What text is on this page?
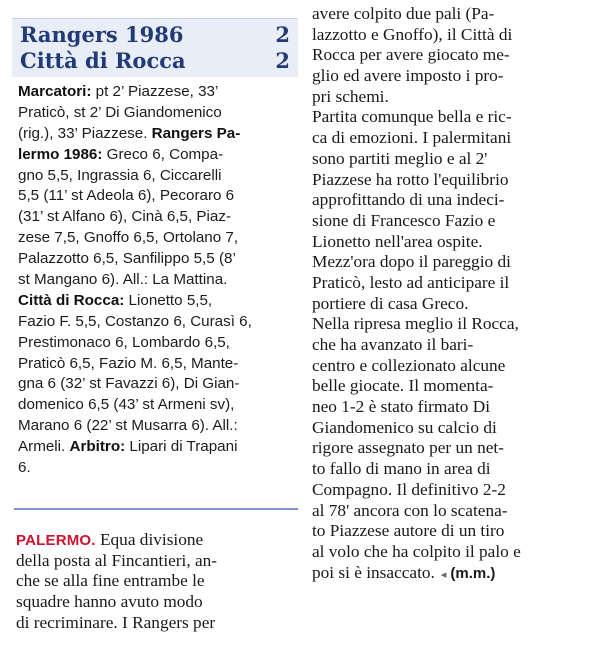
Rangers 1986	2
Città di Rocca	2
Marcatori: pt 2’ Piazzese, 33’
Praticò, st 2’ Di Giandomenico
(rig.), 33’ Piazzese. Rangers Pa-
lermo 1986: Greco 6, Compa-
gno 5,5, Ingrassia 6, Ciccarelli
5,5 (11’ st Adeola 6), Pecoraro 6
(31’ st Alfano 6), Cinà 6,5, Piaz-
zese 7,5, Gnoffo 6,5, Ortolano 7,
Palazzotto 6,5, Sanfilippo 5,5 (8’
st Mangano 6). All.: La Mattina.
Città di Rocca: Lionetto 5,5,
Fazio F. 5,5, Costanzo 6, Curasì 6,
Prestimonaco 6, Lombardo 6,5,
Praticò 6,5, Fazio M. 6,5, Mante-
gna 6 (32’ st Favazzi 6), Di Gian-
domenico 6,5 (43’ st Armeni sv),
Marano 6 (22’ st Musarra 6). All.:
Armeli. Arbitro: Lipari di Trapani
6.
PALERMO. Equa divisione
della posta al Fincantieri, an-
che se alla fine entrambe le
squadre hanno avuto modo
di recriminare. I Rangers per
avere colpito due pali (Pa-
lazzotto e Gnoffo), il Città di
Rocca per avere giocato me-
glio ed avere imposto i pro-
pri schemi.
Partita comunque bella e ric-
ca di emozioni. I palermitani
sono partiti meglio e al 2'
Piazzese ha rotto l'equilibrio
approfittando di una indeci-
sione di Francesco Fazio e
Lionetto nell'area ospite.
Mezz'ora dopo il pareggio di
Praticò, lesto ad anticipare il
portiere di casa Greco.
Nella ripresa meglio il Rocca,
che ha avanzato il bari-
centro e collezionato alcune
belle giocate. Il momenta-
neo 1-2 è stato firmato Di
Giandomenico su calcio di
rigore assegnato per un net-
to fallo di mano in area di
Compagno. Il definitivo 2-2
al 78' ancora con lo scatena-
to Piazzese autore di un tiro
al volo che ha colpito il palo e
poi si è insaccato. ◂ (m.m.)
